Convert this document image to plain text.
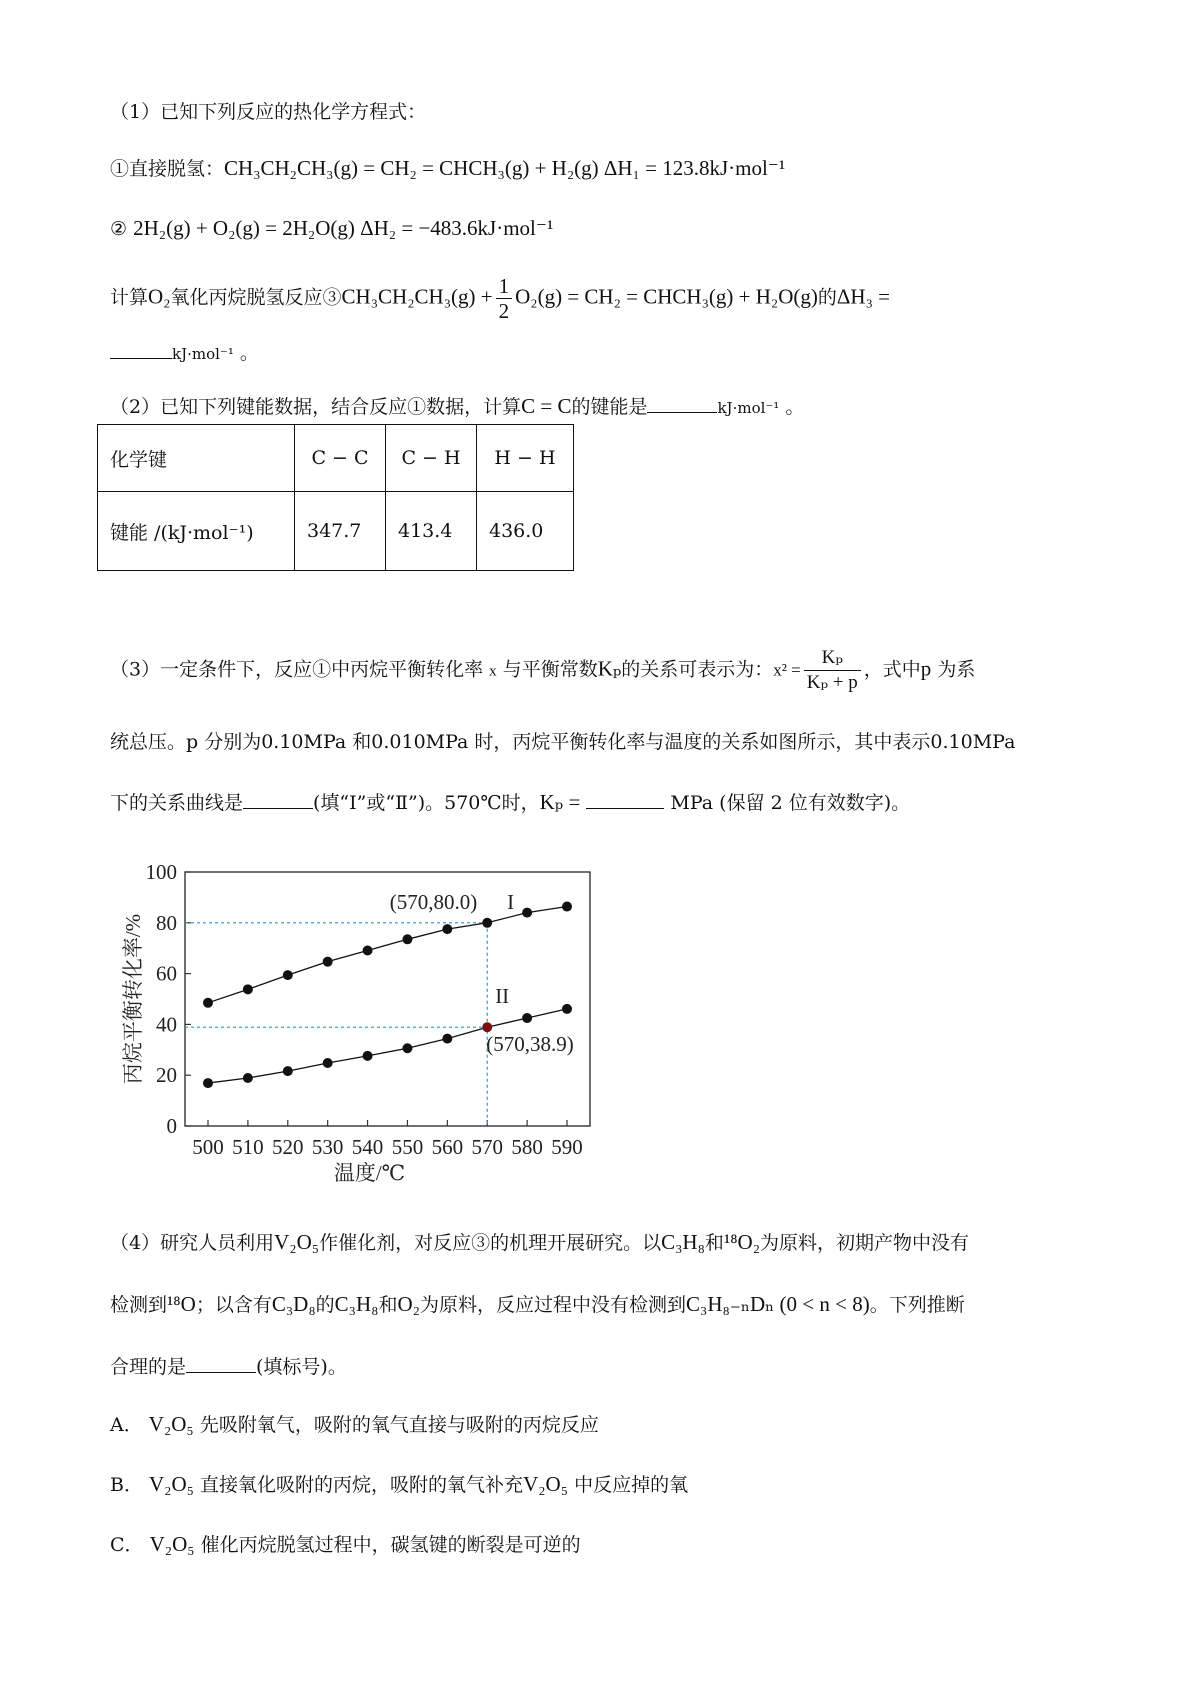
（1）已知下列反应的热化学方程式：
①直接脱氢：CH₃CH₂CH₃(g) = CH₂ = CHCH₃(g) + H₂(g) ΔH₁ = 123.8kJ·mol⁻¹
② 2H₂(g) + O₂(g) = 2H₂O(g) ΔH₂ = −483.6kJ·mol⁻¹
计算O₂氧化丙烷脱氢反应③CH₃CH₂CH₃(g) + $\frac{1}{2} O_2(g) = CH_2$ = CHCH₃(g) + H₂O(g)的ΔH₃ =
kJ·mol⁻¹ 。
（2）已知下列键能数据，结合反应①数据，计算C = C的键能是	kJ·mol⁻¹ 。
化学键	C − C	C − H	H − H
键能 /(kJ·mol⁻¹)	347.7	413.4	436.0
（3）一定条件下，反应①中丙烷平衡转化率 x 与平衡常数Kₚ的关系可表示为：$x^2 = \frac{\text{Kₚ}}{\text{Kₚ + p}}$ ，式中p 为系
统总压。p 分别为0.10MPa 和0.010MPa 时，丙烷平衡转化率与温度的关系如图所示，其中表示0.10MPa
下的关系曲线是	(填“Ⅰ”或“Ⅱ”)。570℃时，Kₚ =	MPa (保留 2 位有效数字)。
0
20
40
60
80
100
500 510 520 530 540 550 560 570 580 590
温度/℃
丙烷平衡转化率/%
I
II
(570,80.0)
(570,38.9)
（4）研究人员利用V₂O₅作催化剂，对反应③的机理开展研究。以C₃H₈和¹⁸O₂为原料，初期产物中没有
检测到¹⁸O；以含有C₃D₈的C₃H₈和O₂为原料，反应过程中没有检测到C₃H₈₋ₙDₙ (0 < n < 8)。下列推断
合理的是	(填标号)。
A． V₂O₅ 先吸附氧气，吸附的氧气直接与吸附的丙烷反应
B． V₂O₅ 直接氧化吸附的丙烷，吸附的氧气补充V₂O₅ 中反应掉的氧
C． V₂O₅ 催化丙烷脱氢过程中，碳氢键的断裂是可逆的
